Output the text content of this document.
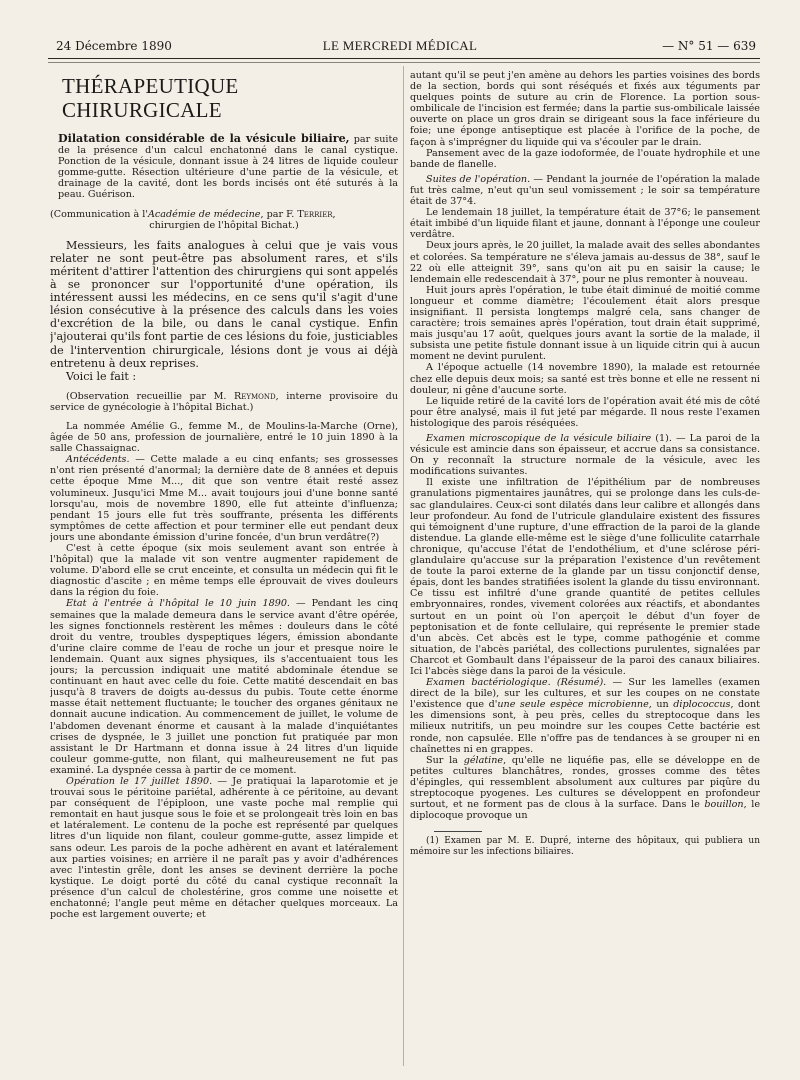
24 Décembre 1890	LE MERCREDI MÉDICAL	— N° 51 — 639
THÉRAPEUTIQUE CHIRURGICALE

Dilatation considérable de la vésicule biliaire, par suite de la présence d'un calcul enchatonné dans le canal cystique. Ponction de la vésicule, donnant issue à 24 litres de liquide couleur gomme-gutte. Résection ultérieure d'une partie de la vésicule, et drainage de la cavité, dont les bords incisés ont été suturés à la peau. Guérison.

(Communication à l'Académie de médecine, par F. Terrier,

chirurgien de l'hôpital Bichat.)

Messieurs, les faits analogues à celui que je vais vous relater ne sont peut-être pas absolument rares, et s'ils méritent d'attirer l'attention des chirurgiens qui sont appelés à se prononcer sur l'opportunité d'une opération, ils intéressent aussi les médecins, en ce sens qu'il s'agit d'une lésion consécutive à la présence des calculs dans les voies d'excrétion de la bile, ou dans le canal cystique. Enfin j'ajouterai qu'ils font partie de ces lésions du foie, justiciables de l'intervention chirurgicale, lésions dont je vous ai déjà entretenu à deux reprises.

Voici le fait :

(Observation recueillie par M. Reymond, interne provisoire du service de gynécologie à l'hôpital Bichat.)

La nommée Amélie G., femme M., de Moulins-la-Marche (Orne), âgée de 50 ans, profession de journalière, entré le 10 juin 1890 à la salle Chassaignac.

Antécédents. — Cette malade a eu cinq enfants; ses grossesses n'ont rien présenté d'anormal; la dernière date de 8 années et depuis cette époque Mme M..., dit que son ventre était resté assez volumineux. Jusqu'ici Mme M... avait toujours joui d'une bonne santé lorsqu'au, mois de novembre 1890, elle fut atteinte d'influenza; pendant 15 jours elle fut très souffrante, présenta les différents symptômes de cette affection et pour terminer elle eut pendant deux jours une abondante émission d'urine foncée, d'un brun verdâtre(?)

C'est à cette époque (six mois seulement avant son entrée à l'hôpital) que la malade vit son ventre augmenter rapidement de volume. D'abord elle se crut enceinte, et consulta un médecin qui fit le diagnostic d'ascite ; en même temps elle éprouvait de vives douleurs dans la région du foie.

Etat à l'entrée à l'hôpital le 10 juin 1890. — Pendant les cinq semaines que la malade demeura dans le service avant d'être opérée, les signes fonctionnels restèrent les mêmes : douleurs dans le côté droit du ventre, troubles dyspeptiques légers, émission abondante d'urine claire comme de l'eau de roche un jour et presque noire le lendemain. Quant aux signes physiques, ils s'accentuaient tous les jours; la percussion indiquait une matité abdominale étendue se continuant en haut avec celle du foie. Cette matité descendait en bas jusqu'à 8 travers de doigts au-dessus du pubis. Toute cette énorme masse était nettement fluctuante; le toucher des organes génitaux ne donnait aucune indication. Au commencement de juillet, le volume de l'abdomen devenant énorme et causant à la malade d'inquiétantes crises de dyspnée, le 3 juillet une ponction fut pratiquée par mon assistant le Dr Hartmann et donna issue à 24 litres d'un liquide couleur gomme-gutte, non filant, qui malheureusement ne fut pas examiné. La dyspnée cessa à partir de ce moment.

Opération le 17 juillet 1890. — Je pratiquai la laparotomie et je trouvai sous le péritoine pariétal, adhérente à ce péritoine, au devant par conséquent de l'épiploon, une vaste poche mal remplie qui remontait en haut jusque sous le foie et se prolongeait très loin en bas et latéralement. Le contenu de la poche est représenté par quelques litres d'un liquide non filant, couleur gomme-gutte, assez limpide et sans odeur. Les parois de la poche adhèrent en avant et latéralement aux parties voisines; en arrière il ne paraît pas y avoir d'adhérences avec l'intestin grêle, dont les anses se devinent derrière la poche kystique. Le doigt porté du côté du canal cystique reconnaît la présence d'un calcul de cholestérine, gros comme une noisette et enchatonné; l'angle peut même en détacher quelques morceaux. La poche est largement ouverte; et

autant qu'il se peut j'en amène au dehors les parties voisines des bords de la section, bords qui sont réséqués et fixés aux téguments par quelques points de suture au crin de Florence. La portion sous-ombilicale de l'incision est fermée; dans la partie sus-ombilicale laissée ouverte on place un gros drain se dirigeant sous la face inférieure du foie; une éponge antiseptique est placée à l'orifice de la poche, de façon à s'imprégner du liquide qui va s'écouler par le drain.

Pansement avec de la gaze iodoformée, de l'ouate hydrophile et une bande de flanelle.

Suites de l'opération. — Pendant la journée de l'opération la malade fut très calme, n'eut qu'un seul vomissement ; le soir sa température était de 37°4.

Le lendemain 18 juillet, la température était de 37°6; le pansement était imbibé d'un liquide filant et jaune, donnant à l'éponge une couleur verdâtre.

Deux jours après, le 20 juillet, la malade avait des selles abondantes et colorées. Sa température ne s'éleva jamais au-dessus de 38°, sauf le 22 où elle atteignit 39°, sans qu'on ait pu en saisir la cause; le lendemain elle redescendait à 37°, pour ne plus remonter à nouveau.

Huit jours après l'opération, le tube était diminué de moitié comme longueur et comme diamètre; l'écoulement était alors presque insignifiant. Il persista longtemps malgré cela, sans changer de caractère; trois semaines après l'opération, tout drain était supprimé, mais jusqu'au 17 août, quelques jours avant la sortie de la malade, il subsista une petite fistule donnant issue à un liquide citrin qui à aucun moment ne devint purulent.

A l'époque actuelle (14 novembre 1890), la malade est retournée chez elle depuis deux mois; sa santé est très bonne et elle ne ressent ni douleur, ni gêne d'aucune sorte.

Le liquide retiré de la cavité lors de l'opération avait été mis de côté pour être analysé, mais il fut jeté par mégarde. Il nous reste l'examen histologique des parois réséquées.

Examen microscopique de la vésicule biliaire (1). — La paroi de la vésicule est amincie dans son épaisseur, et accrue dans sa consistance. On y reconnaît la structure normale de la vésicule, avec les modifications suivantes.

Il existe une infiltration de l'épithélium par de nombreuses granulations pigmentaires jaunâtres, qui se prolonge dans les culs-de-sac glandulaires. Ceux-ci sont dilatés dans leur calibre et allongés dans leur profondeur. Au fond de l'utricule glandulaire existent des fissures qui témoignent d'une rupture, d'une effraction de la paroi de la glande distendue. La glande elle-même est le siège d'une folliculite catarrhale chronique, qu'accuse l'état de l'endothélium, et d'une sclérose péri-glandulaire qu'accuse sur la préparation l'existence d'un revêtement de toute la paroi externe de la glande par un tissu conjonctif dense, épais, dont les bandes stratifiées isolent la glande du tissu environnant. Ce tissu est infiltré d'une grande quantité de petites cellules embryonnaires, rondes, vivement colorées aux réactifs, et abondantes surtout en un point où l'on aperçoit le début d'un foyer de peptonisation et de fonte cellulaire, qui représente le premier stade d'un abcès. Cet abcès est le type, comme pathogénie et comme situation, de l'abcès pariétal, des collections purulentes, signalées par Charcot et Gombault dans l'épaisseur de la paroi des canaux biliaires. Ici l'abcès siège dans la paroi de la vésicule.

Examen bactériologique. (Résumé). — Sur les lamelles (examen direct de la bile), sur les cultures, et sur les coupes on ne constate l'existence que d'une seule espèce microbienne, un diplococcus, dont les dimensions sont, à peu près, celles du streptocoque dans les milieux nutritifs, un peu moindre sur les coupes Cette bactérie est ronde, non capsulée. Elle n'offre pas de tendances à se grouper ni en chaînettes ni en grappes.

Sur la gélatine, qu'elle ne liquéfie pas, elle se développe en de petites cultures blanchâtres, rondes, grosses comme des têtes d'épingles, qui ressemblent absolument aux cultures par piqûre du streptocoque pyogenes. Les cultures se développent en profondeur surtout, et ne forment pas de clous à la surface. Dans le bouillon, le diplocoque provoque un

(1) Examen par M. E. Dupré, interne des hôpitaux, qui publiera un mémoire sur les infections biliaires.
